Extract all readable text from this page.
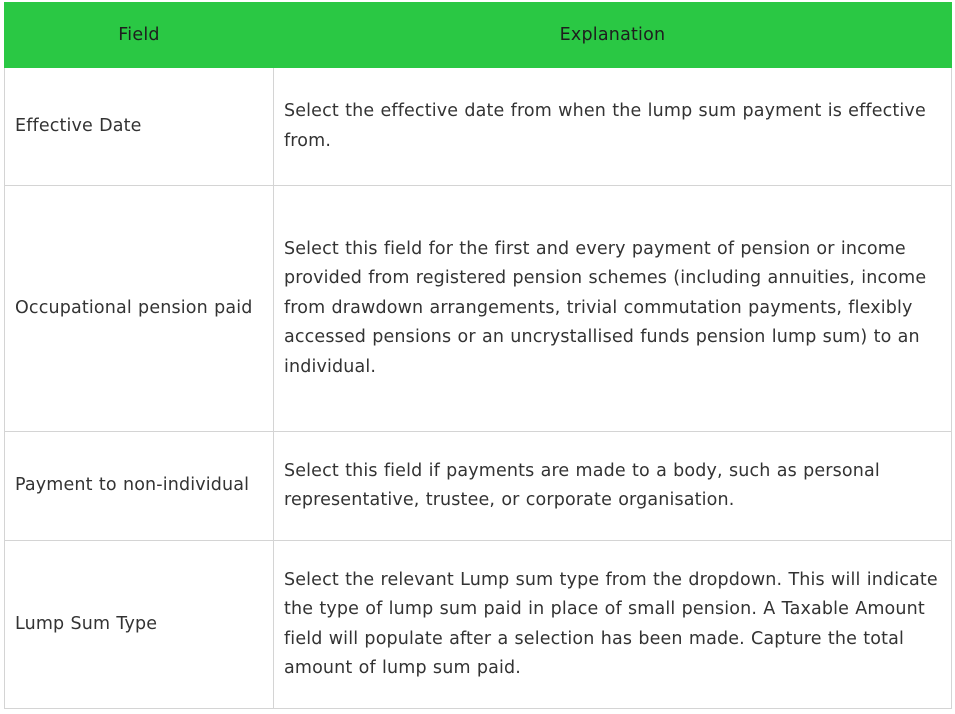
Field	Explanation
Effective Date	Select the effective date from when the lump sum payment is effective from.
Occupational pension paid	Select this field for the first and every payment of pension or income provided from registered pension schemes (including annuities, income from drawdown arrangements, trivial commutation payments, flexibly accessed pensions or an uncrystallised funds pension lump sum) to an individual.
Payment to non-individual	Select this field if payments are made to a body, such as personal representative, trustee, or corporate organisation.
Lump Sum Type	Select the relevant Lump sum type from the dropdown. This will indicate the type of lump sum paid in place of small pension. A Taxable Amount field will populate after a selection has been made. Capture the total amount of lump sum paid.
